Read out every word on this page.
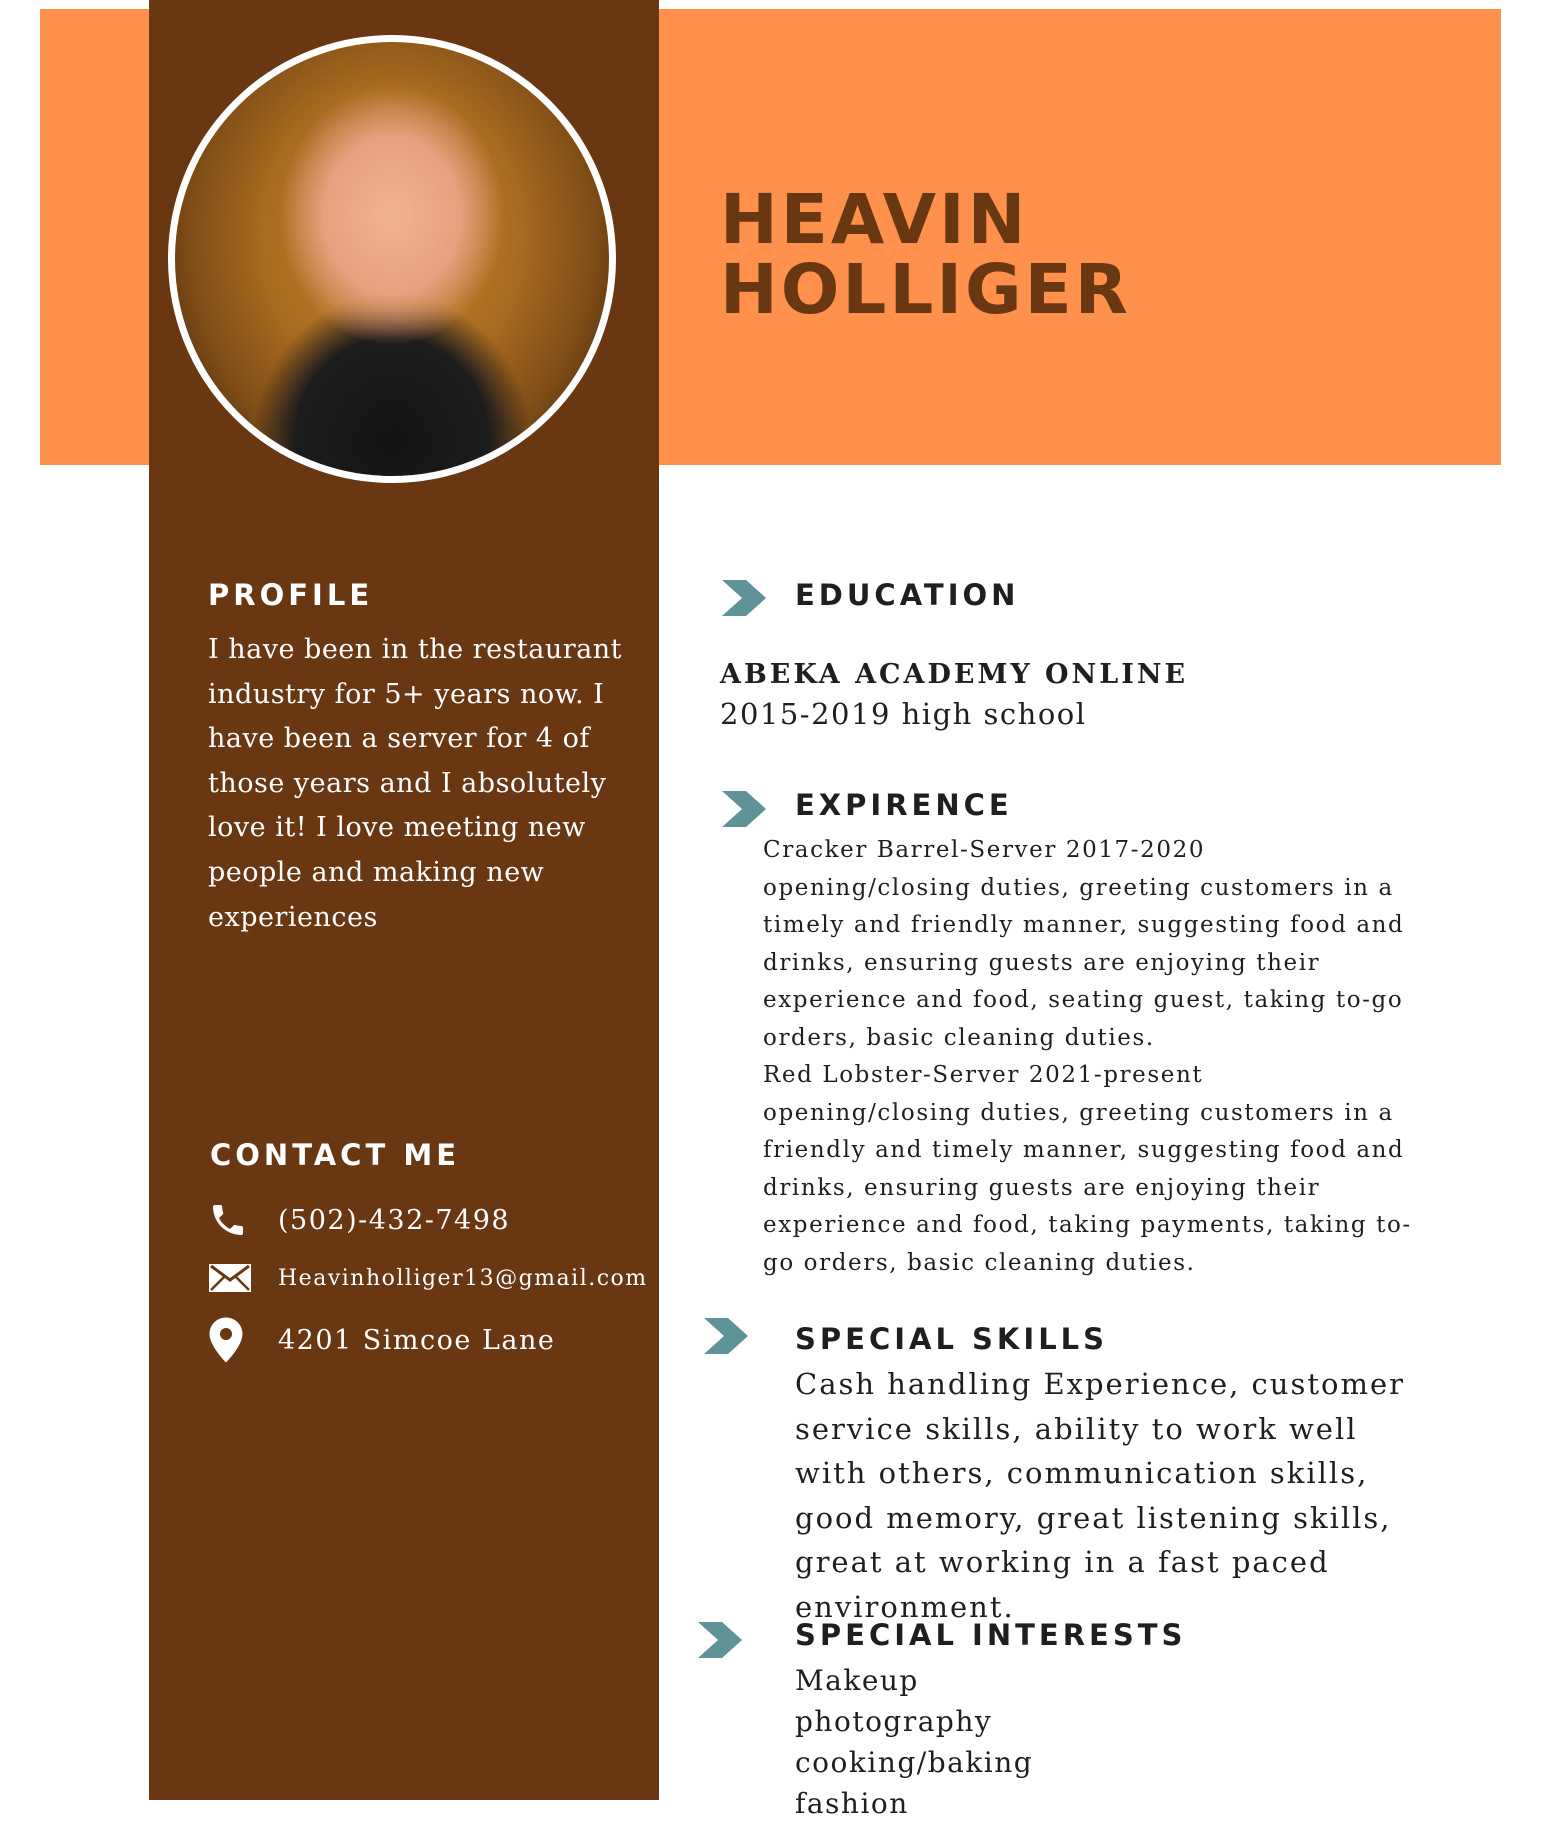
HEAVIN
HOLLIGER
PROFILE

I have been in the restaurant industry for 5+ years now. I have been a server for 4 of those years and I absolutely love it! I love meeting new people and making new experiences

CONTACT ME
(502)-432-7498
Heavinholliger13@gmail.com
4201 Simcoe Lane
EDUCATION

ABEKA ACADEMY ONLINE

2015-2019 high school

EXPIRENCE

Cracker Barrel-Server 2017-2020

opening/closing duties, greeting customers in a timely and friendly manner, suggesting food and drinks, ensuring guests are enjoying their experience and food, seating guest, taking to-go orders, basic cleaning duties.

Red Lobster-Server 2021-present

opening/closing duties, greeting customers in a friendly and timely manner, suggesting food and drinks, ensuring guests are enjoying their experience and food, taking payments, taking to-go orders, basic cleaning duties.

SPECIAL SKILLS

Cash handling Experience, customer service skills, ability to work well with others, communication skills, good memory, great listening skills, great at working in a fast paced environment.

SPECIAL INTERESTS
Makeup
photography
cooking/baking
fashion
